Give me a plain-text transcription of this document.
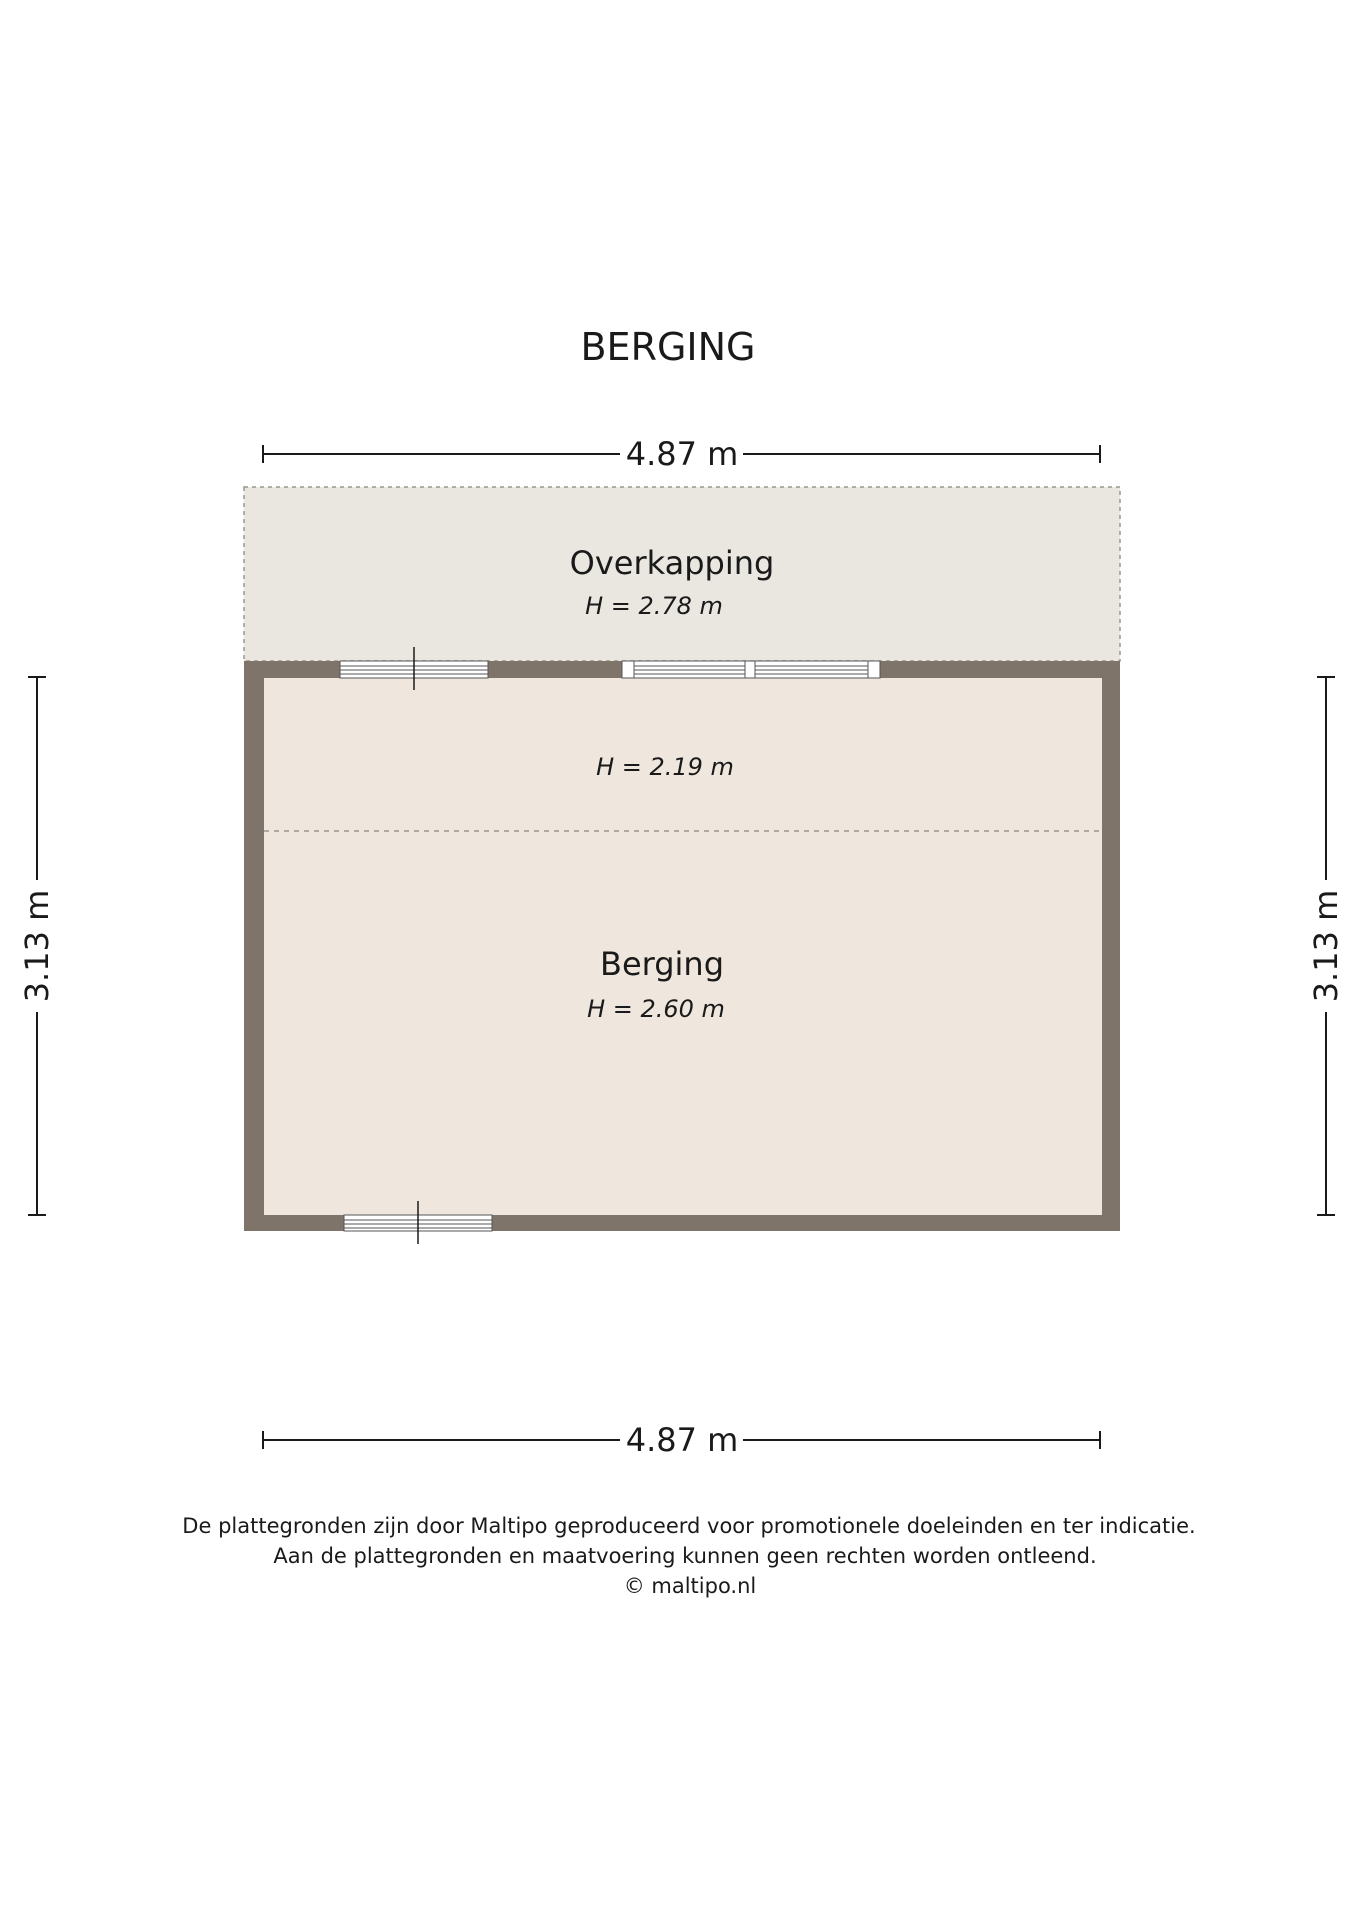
BERGING
4.87 m
Overkapping
H = 2.78 m
H = 2.19 m
Berging
H = 2.60 m
3.13 m	3.13 m
4.87 m
De plattegronden zijn door Maltipo geproduceerd voor promotionele doeleinden en ter indicatie.
Aan de plattegronden en maatvoering kunnen geen rechten worden ontleend.
© maltipo.nl
